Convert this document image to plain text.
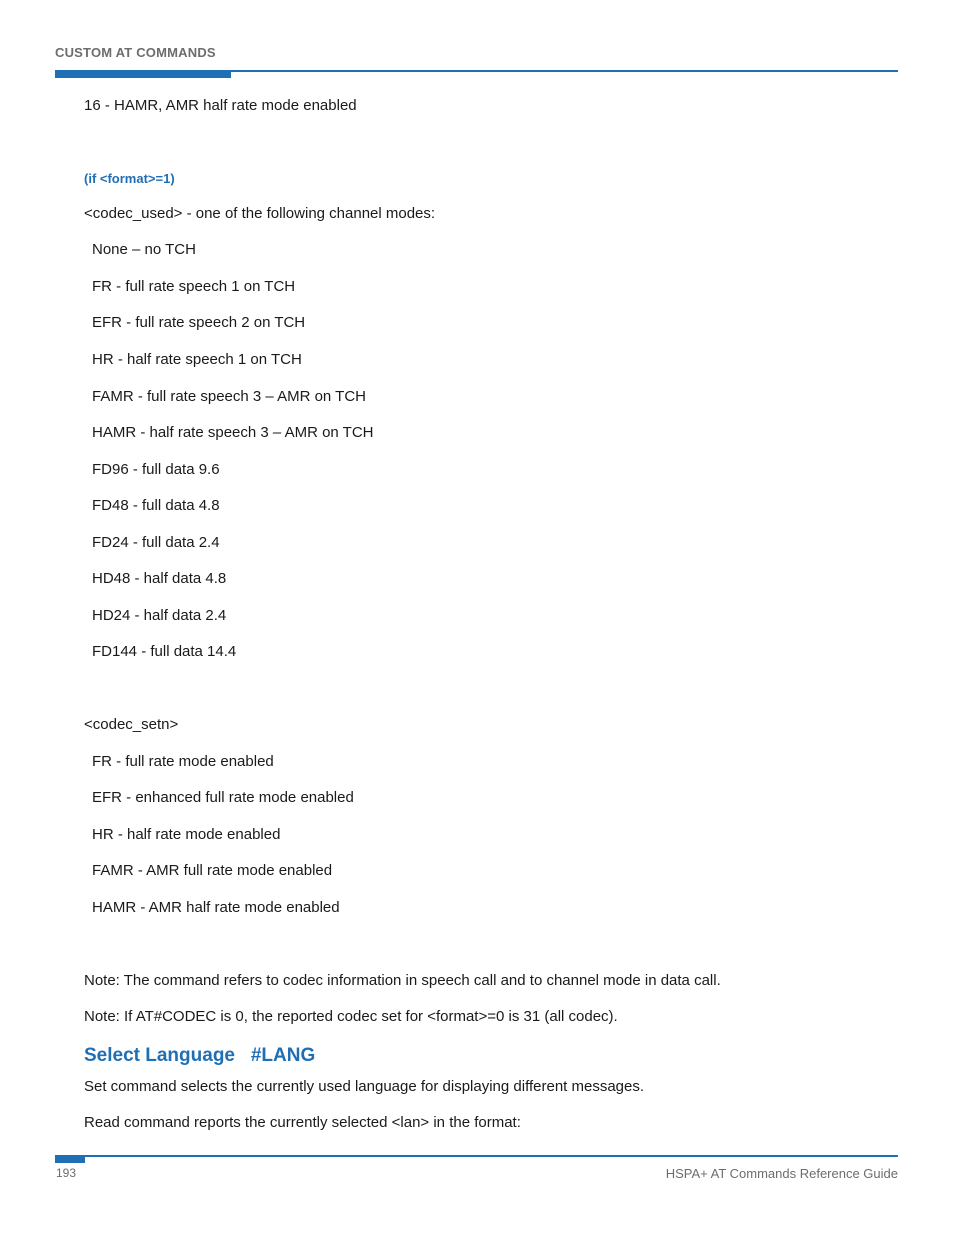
CUSTOM AT COMMANDS
16 - HAMR, AMR half rate mode enabled
(if <format>=1)
<codec_used> - one of the following channel modes:
None – no TCH
FR - full rate speech 1 on TCH
EFR - full rate speech 2 on TCH
HR - half rate speech 1 on TCH
FAMR - full rate speech 3 – AMR on TCH
HAMR - half rate speech 3 – AMR on TCH
FD96 - full data 9.6
FD48 - full data 4.8
FD24 - full data 2.4
HD48 - half data 4.8
HD24 - half data 2.4
FD144 - full data 14.4
<codec_setn>
FR - full rate mode enabled
EFR - enhanced full rate mode enabled
HR - half rate mode enabled
FAMR - AMR full rate mode enabled
HAMR - AMR half rate mode enabled
Note: The command refers to codec information in speech call and to channel mode in data call.
Note: If AT#CODEC is 0, the reported codec set for <format>=0 is 31 (all codec).
Select Language   #LANG
Set command selects the currently used language for displaying different messages.
Read command reports the currently selected <lan> in the format:
193	HSPA+ AT Commands Reference Guide
